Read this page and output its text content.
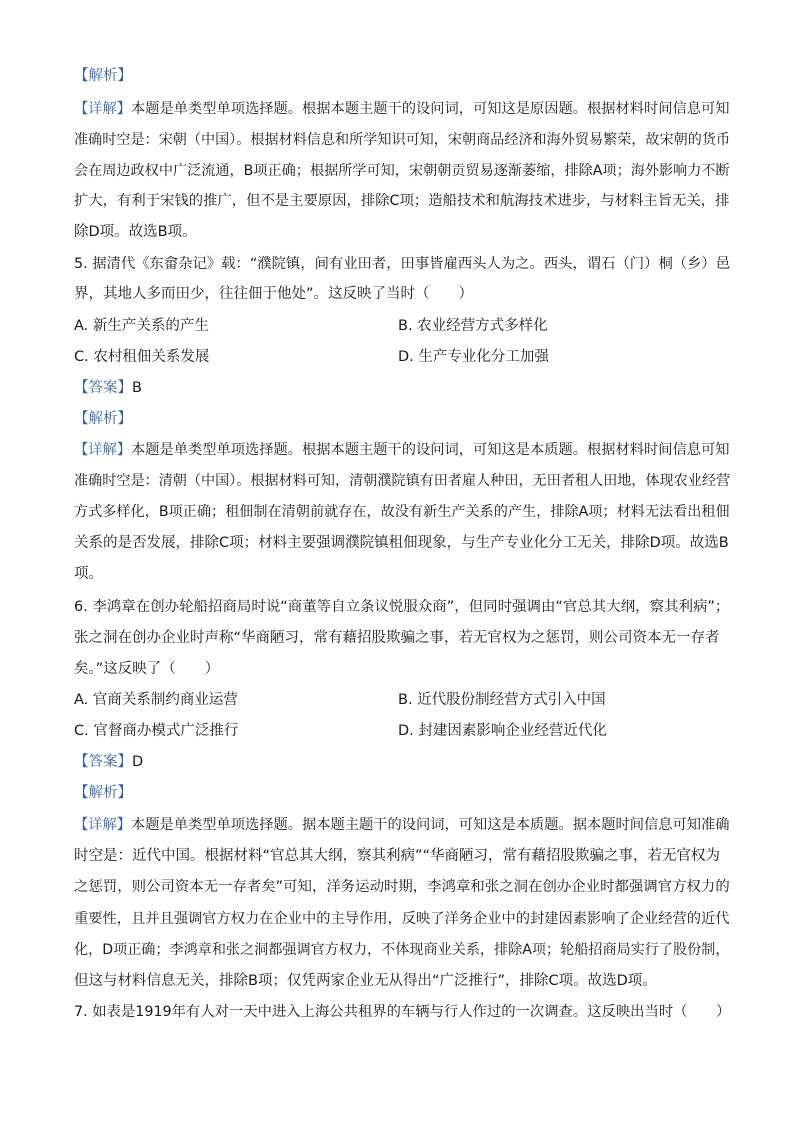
【解析】
【详解】本题是单类型单项选择题。根据本题主题干的设问词，可知这是原因题。根据材料时间信息可知
准确时空是：宋朝（中国）。根据材料信息和所学知识可知，宋朝商品经济和海外贸易繁荣，故宋朝的货币
会在周边政权中广泛流通，B项正确；根据所学可知，宋朝朝贡贸易逐渐萎缩，排除A项；海外影响力不断
扩大，有利于宋钱的推广，但不是主要原因，排除C项；造船技术和航海技术进步，与材料主旨无关，排
除D项。故选B项。
5. 据清代《东畲杂记》载：“濮院镇，间有业田者，田事皆雇西头人为之。西头，谓石（门）桐（乡）邑
界，其地人多而田少，往往佃于他处”。这反映了当时（　　）
A. 新生产关系的产生	B. 农业经营方式多样化
C. 农村租佃关系发展	D. 生产专业化分工加强
【答案】B
【解析】
【详解】本题是单类型单项选择题。根据本题主题干的设问词，可知这是本质题。根据材料时间信息可知
准确时空是：清朝（中国）。根据材料可知，清朝濮院镇有田者雇人种田，无田者租人田地，体现农业经营
方式多样化，B项正确；租佃制在清朝前就存在，故没有新生产关系的产生，排除A项；材料无法看出租佃
关系的是否发展，排除C项；材料主要强调濮院镇租佃现象，与生产专业化分工无关，排除D项。故选B
项。
6. 李鸿章在创办轮船招商局时说“商董等自立条议悦服众商”，但同时强调由“官总其大纲，察其利病”；
张之洞在创办企业时声称“华商陋习，常有藉招股欺骗之事，若无官权为之惩罚，则公司资本无一存者
矣。”这反映了（　　）
A. 官商关系制约商业运营	B. 近代股份制经营方式引入中国
C. 官督商办模式广泛推行	D. 封建因素影响企业经营近代化
【答案】D
【解析】
【详解】本题是单类型单项选择题。据本题主题干的设问词，可知这是本质题。据本题时间信息可知准确
时空是：近代中国。根据材料“官总其大纲，察其利病”“华商陋习，常有藉招股欺骗之事，若无官权为
之惩罚，则公司资本无一存者矣”可知，洋务运动时期，李鸿章和张之洞在创办企业时都强调官方权力的
重要性，且并且强调官方权力在企业中的主导作用，反映了洋务企业中的封建因素影响了企业经营的近代
化，D项正确；李鸿章和张之洞都强调官方权力，不体现商业关系，排除A项；轮船招商局实行了股份制，
但这与材料信息无关，排除B项；仅凭两家企业无从得出“广泛推行”，排除C项。故选D项。
7. 如表是1919年有人对一天中进入上海公共租界的车辆与行人作过的一次调查。这反映出当时（　　）
